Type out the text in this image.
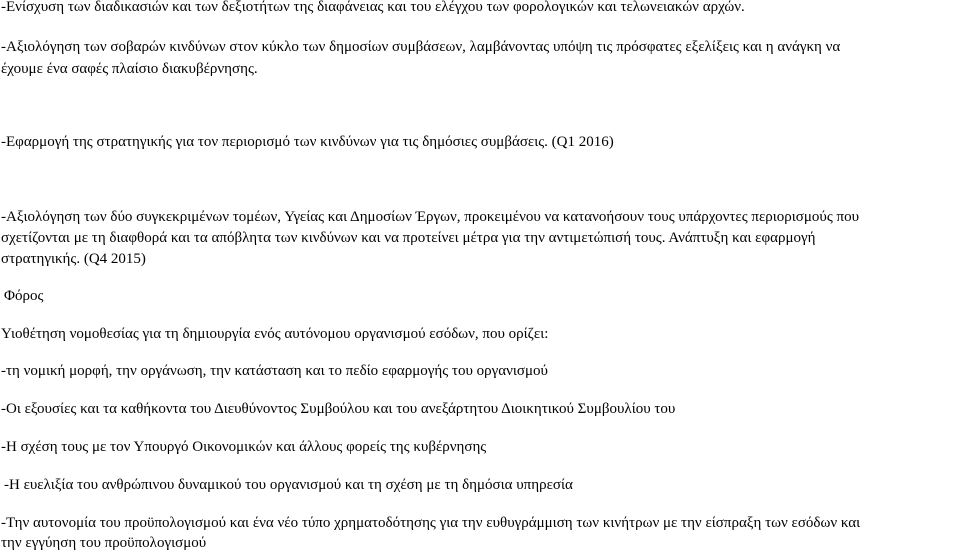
-Ενίσχυση των διαδικασιών και των δεξιοτήτων της διαφάνειας και του ελέγχου των φορολογικών και τελωνειακών αρχών.

-Αξιολόγηση των σοβαρών κινδύνων στον κύκλο των δημοσίων συμβάσεων, λαμβάνοντας υπόψη τις πρόσφατες εξελίξεις και η ανάγκη να

έχουμε ένα σαφές πλαίσιο διακυβέρνησης.

-Εφαρμογή της στρατηγικής για τον περιορισμό των κινδύνων για τις δημόσιες συμβάσεις. (Q1 2016)

-Αξιολόγηση των δύο συγκεκριμένων τομέων, Υγείας και Δημοσίων Έργων, προκειμένου να κατανοήσουν τους υπάρχοντες περιορισμούς που

σχετίζονται με τη διαφθορά και τα απόβλητα των κινδύνων και να προτείνει μέτρα για την αντιμετώπισή τους. Ανάπτυξη και εφαρμογή

στρατηγικής. (Q4 2015)

Φόρος

Υιοθέτηση νομοθεσίας για τη δημιουργία ενός αυτόνομου οργανισμού εσόδων, που ορίζει:

-τη νομική μορφή, την οργάνωση, την κατάσταση και το πεδίο εφαρμογής του οργανισμού

-Οι εξουσίες και τα καθήκοντα του Διευθύνοντος Συμβούλου και του ανεξάρτητου Διοικητικού Συμβουλίου του

-Η σχέση τους με τον Υπουργό Οικονομικών και άλλους φορείς της κυβέρνησης

-Η ευελιξία του ανθρώπινου δυναμικού του οργανισμού και τη σχέση με τη δημόσια υπηρεσία

-Την αυτονομία του προϋπολογισμού και ένα νέο τύπο χρηματοδότησης για την ευθυγράμμιση των κινήτρων με την είσπραξη των εσόδων και

την εγγύηση του προϋπολογισμού
